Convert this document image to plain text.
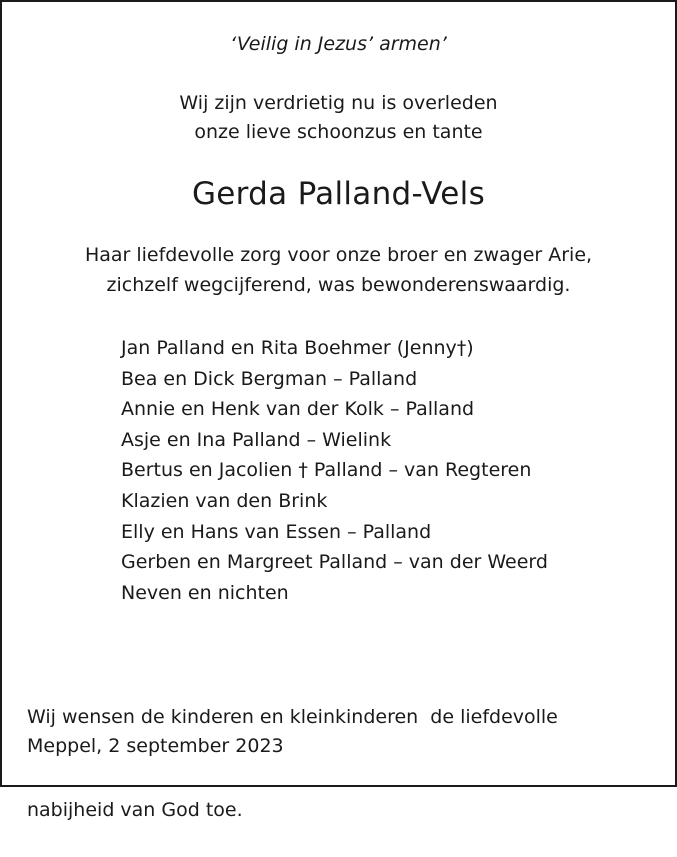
‘Veilig in Jezus’ armen’
Wij zijn verdrietig nu is overleden
onze lieve schoonzus en tante
Gerda Palland-Vels
Haar liefdevolle zorg voor onze broer en zwager Arie,
zichzelf wegcijferend, was bewonderenswaardig.
Jan Palland en Rita Boehmer (Jenny†)
Bea en Dick Bergman – Palland
Annie en Henk van der Kolk – Palland
Asje en Ina Palland – Wielink
Bertus en Jacolien † Palland – van Regteren
Klazien van den Brink
Elly en Hans van Essen – Palland
Gerben en Margreet Palland – van der Weerd
Neven en nichten

Wij wensen de kinderen en kleinkinderen  de liefdevolle

nabijheid van God toe.

Meppel, 2 september 2023
